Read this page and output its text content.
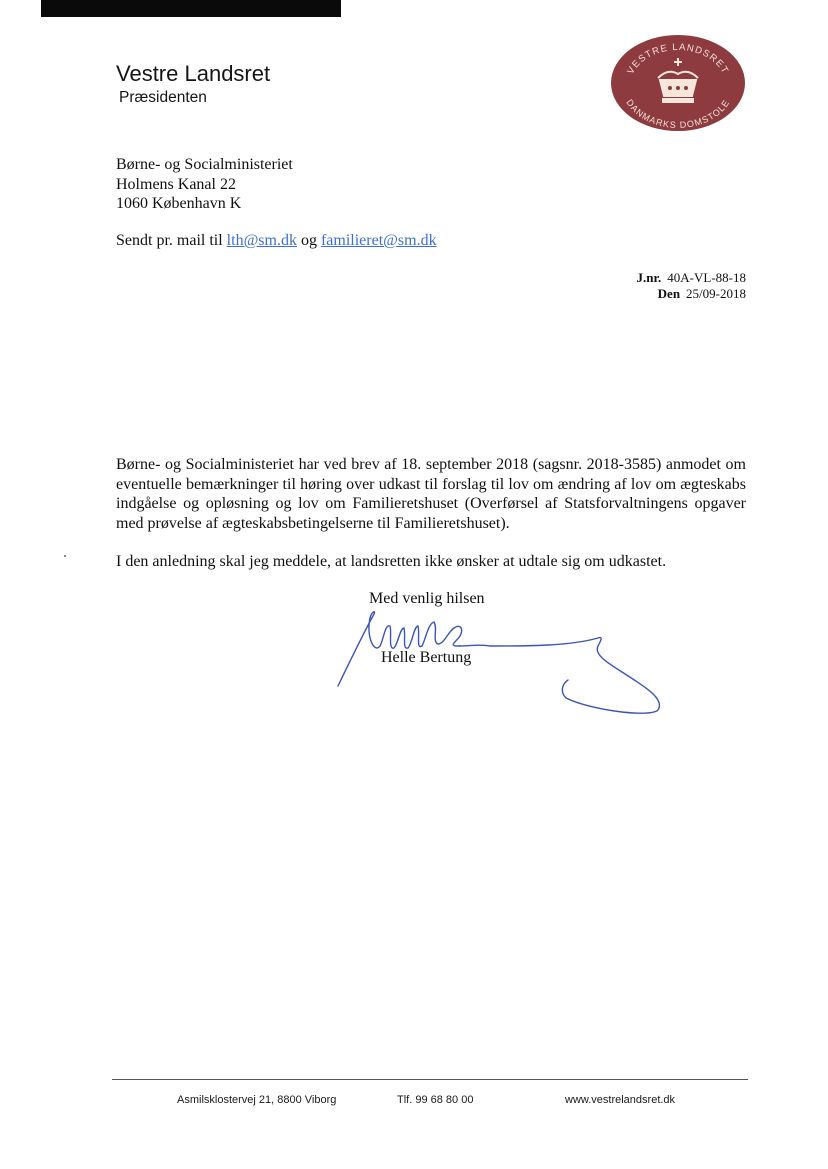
Vestre Landsret
Præsidenten
VESTRE LANDSRET
DANMARKS DOMSTOLE
Børne- og Socialministeriet
Holmens Kanal 22
1060 København K
Sendt pr. mail til lth@sm.dk og familieret@sm.dk
J.nr. 40A-VL-88-18
Den 25/09-2018
Børne- og Socialministeriet har ved brev af 18. september 2018 (sagsnr. 2018-3585) anmodet om eventuelle bemærkninger til høring over udkast til forslag til lov om ændring af lov om ægteskabs indgåelse og opløsning og lov om Familieretshuset (Overførsel af Statsforvaltningens opgaver med prøvelse af ægteskabsbetingelserne til Familieretshuset).
I den anledning skal jeg meddele, at landsretten ikke ønsker at udtale sig om udkastet.
Med venlig hilsen
Helle Bertung
Asmilsklostervej 21, 8800 Viborg	Tlf. 99 68 80 00	www.vestrelandsret.dk
